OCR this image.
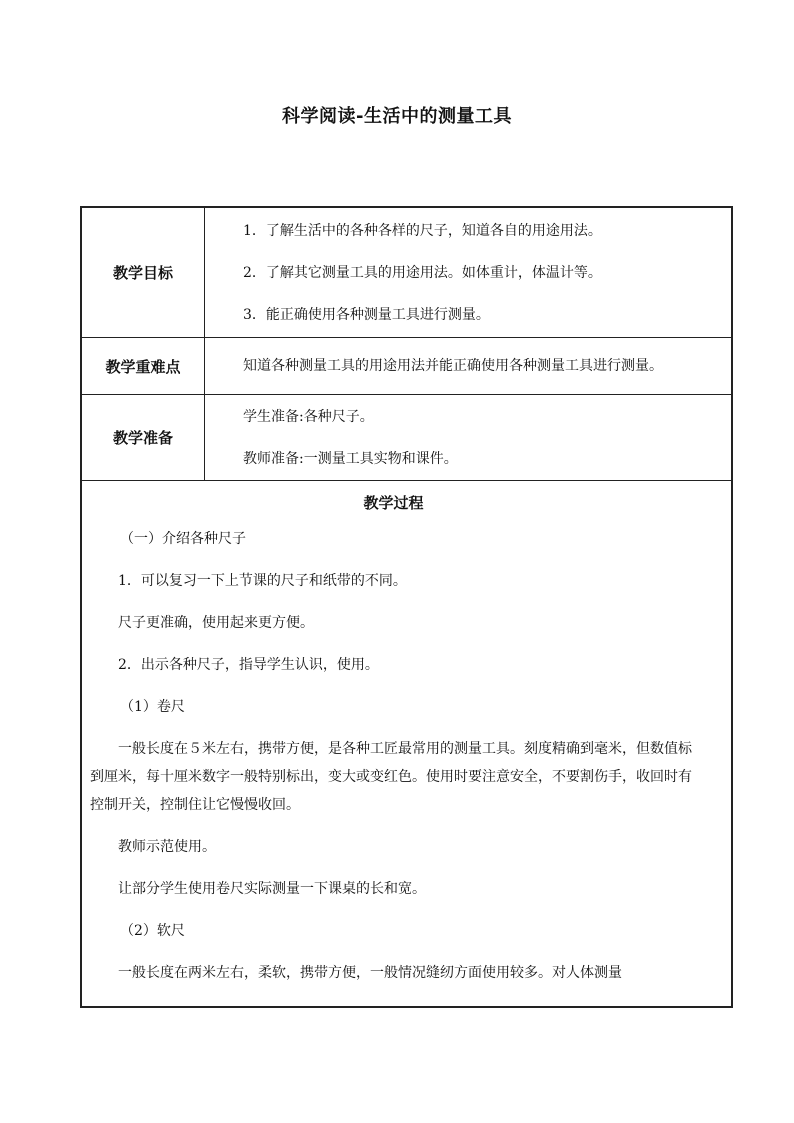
科学阅读-生活中的测量工具
教学目标
1．了解生活中的各种各样的尺子，知道各自的用途用法。
2．了解其它测量工具的用途用法。如体重计，体温计等。
3．能正确使用各种测量工具进行测量。
教学重难点	知道各种测量工具的用途用法并能正确使用各种测量工具进行测量。
教学准备
学生准备:各种尺子。
教师准备:一测量工具实物和课件。
教学过程
（一）介绍各种尺子
1．可以复习一下上节课的尺子和纸带的不同。
尺子更准确，使用起来更方便。
2．出示各种尺子，指导学生认识，使用。
（1）卷尺
一般长度在５米左右，携带方便，是各种工匠最常用的测量工具。刻度精确到毫米，但数值标到厘米，每十厘米数字一般特别标出，变大或变红色。使用时要注意安全，不要割伤手，收回时有控制开关，控制住让它慢慢收回。
教师示范使用。
让部分学生使用卷尺实际测量一下课桌的长和宽。
（2）软尺
一般长度在两米左右，柔软，携带方便，一般情况缝纫方面使用较多。对人体测量
